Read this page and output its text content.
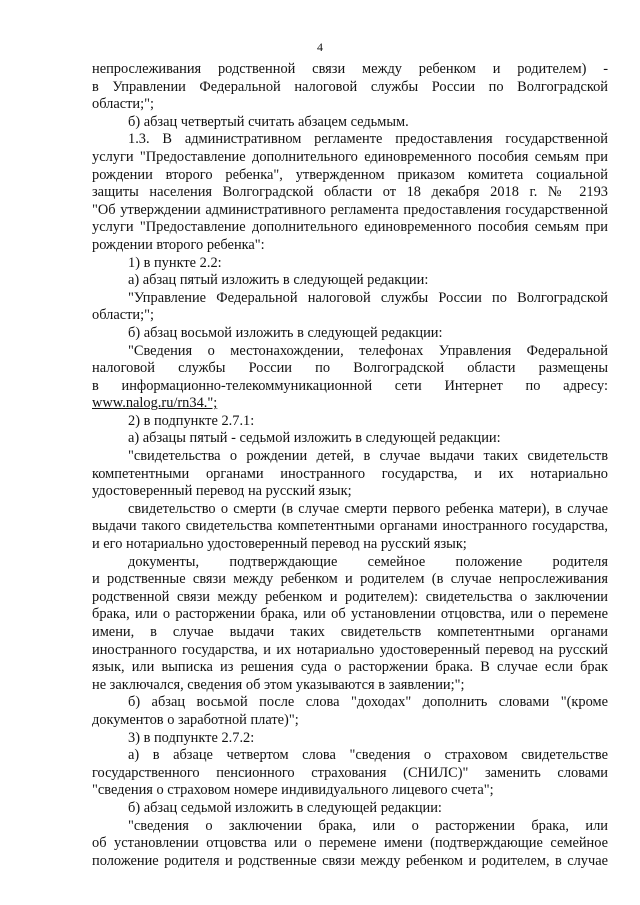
4
непрослеживания родственной связи между ребенком и родителем) -
в Управлении Федеральной налоговой службы России по Волгоградской
области;";
б) абзац четвертый считать абзацем седьмым.
1.3. В административном регламенте предоставления государственной
услуги "Предоставление дополнительного единовременного пособия семьям при
рождении второго ребенка", утвержденном приказом комитета социальной
защиты населения Волгоградской области от 18 декабря 2018 г. № 2193
"Об утверждении административного регламента предоставления государственной
услуги "Предоставление дополнительного единовременного пособия семьям при
рождении второго ребенка":
1) в пункте 2.2:
а) абзац пятый изложить в следующей редакции:
"Управление Федеральной налоговой службы России по Волгоградской
области;";
б) абзац восьмой изложить в следующей редакции:
"Сведения о местонахождении, телефонах Управления Федеральной
налоговой службы России по Волгоградской области размещены
в информационно-телекоммуникационной сети Интернет по адресу:
www.nalog.ru/rn34.";
2) в подпункте 2.7.1:
а) абзацы пятый - седьмой изложить в следующей редакции:
"свидетельства о рождении детей, в случае выдачи таких свидетельств
компетентными органами иностранного государства, и их нотариально
удостоверенный перевод на русский язык;
свидетельство о смерти (в случае смерти первого ребенка матери), в случае
выдачи такого свидетельства компетентными органами иностранного государства,
и его нотариально удостоверенный перевод на русский язык;
документы, подтверждающие семейное положение родителя
и родственные связи между ребенком и родителем (в случае непрослеживания
родственной связи между ребенком и родителем): свидетельства о заключении
брака, или о расторжении брака, или об установлении отцовства, или о перемене
имени, в случае выдачи таких свидетельств компетентными органами
иностранного государства, и их нотариально удостоверенный перевод на русский
язык, или выписка из решения суда о расторжении брака. В случае если брак
не заключался, сведения об этом указываются в заявлении;";
б) абзац восьмой после слова "доходах" дополнить словами "(кроме
документов о заработной плате)";
3) в подпункте 2.7.2:
а) в абзаце четвертом слова "сведения о страховом свидетельстве
государственного пенсионного страхования (СНИЛС)" заменить словами
"сведения о страховом номере индивидуального лицевого счета";
б) абзац седьмой изложить в следующей редакции:
"сведения о заключении брака, или о расторжении брака, или
об установлении отцовства или о перемене имени (подтверждающие семейное
положение родителя и родственные связи между ребенком и родителем, в случае
